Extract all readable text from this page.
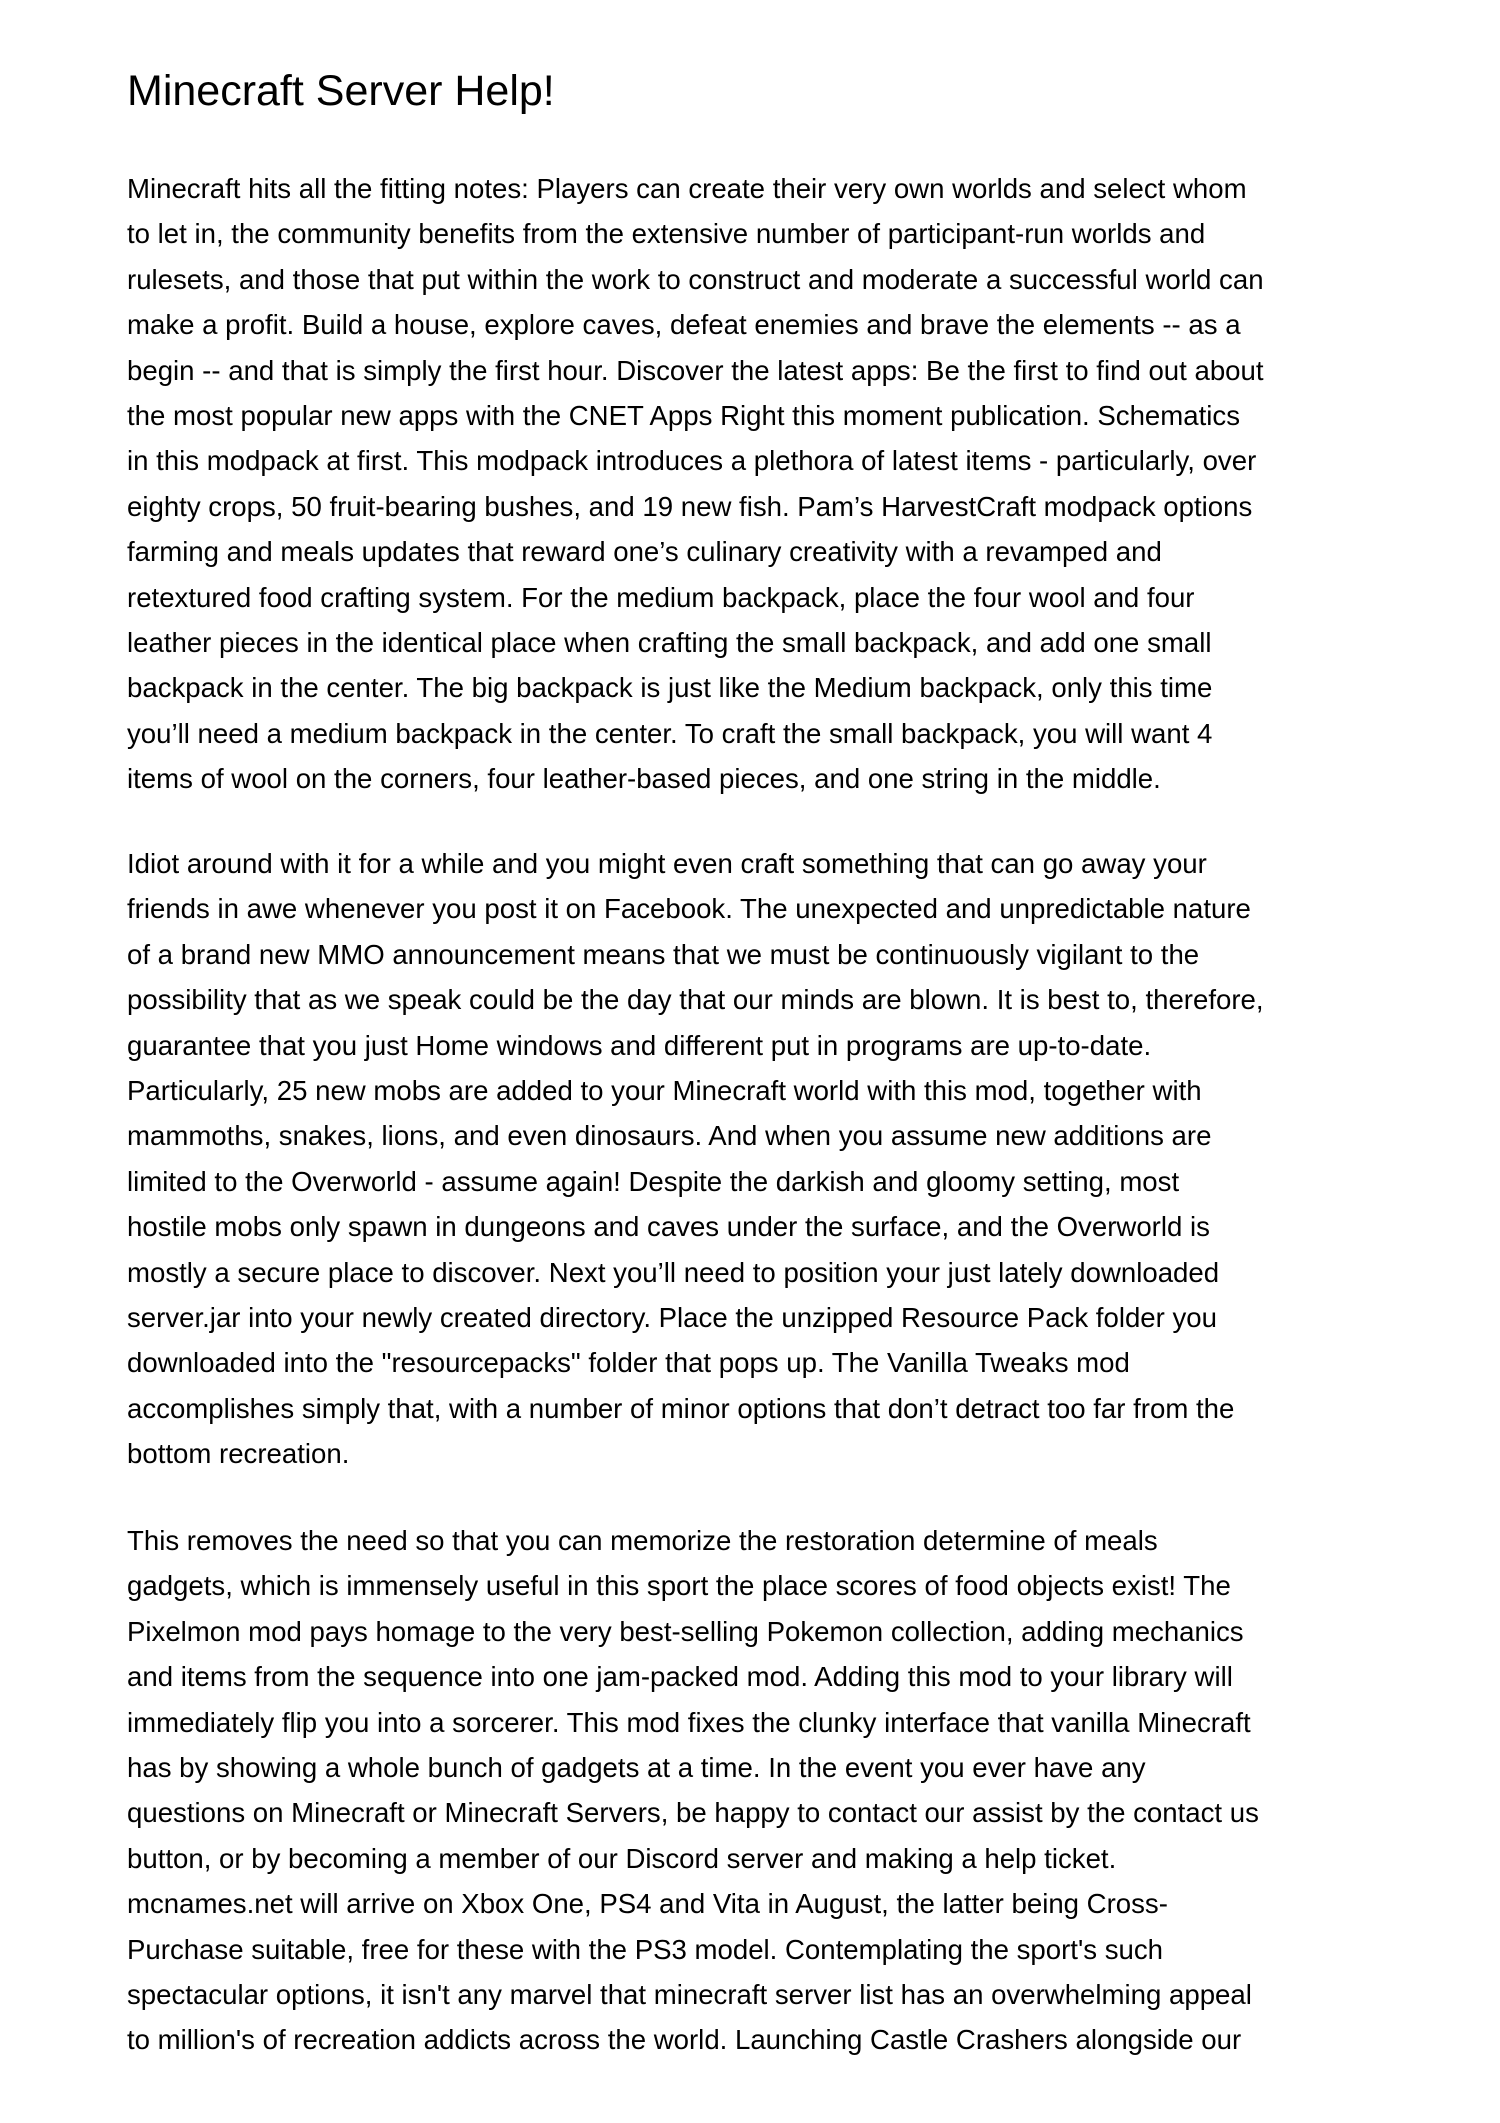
Minecraft Server Help!

Minecraft hits all the fitting notes: Players can create their very own worlds and select whom
to let in, the community benefits from the extensive number of participant-run worlds and
rulesets, and those that put within the work to construct and moderate a successful world can
make a profit. Build a house, explore caves, defeat enemies and brave the elements -- as a
begin -- and that is simply the first hour. Discover the latest apps: Be the first to find out about
the most popular new apps with the CNET Apps Right this moment publication. Schematics
in this modpack at first. This modpack introduces a plethora of latest items - particularly, over
eighty crops, 50 fruit-bearing bushes, and 19 new fish. Pam’s HarvestCraft modpack options
farming and meals updates that reward one’s culinary creativity with a revamped and
retextured food crafting system. For the medium backpack, place the four wool and four
leather pieces in the identical place when crafting the small backpack, and add one small
backpack in the center. The big backpack is just like the Medium backpack, only this time
you’ll need a medium backpack in the center. To craft the small backpack, you will want 4
items of wool on the corners, four leather-based pieces, and one string in the middle.

Idiot around with it for a while and you might even craft something that can go away your
friends in awe whenever you post it on Facebook. The unexpected and unpredictable nature
of a brand new MMO announcement means that we must be continuously vigilant to the
possibility that as we speak could be the day that our minds are blown. It is best to, therefore,
guarantee that you just Home windows and different put in programs are up-to-date.
Particularly, 25 new mobs are added to your Minecraft world with this mod, together with
mammoths, snakes, lions, and even dinosaurs. And when you assume new additions are
limited to the Overworld - assume again! Despite the darkish and gloomy setting, most
hostile mobs only spawn in dungeons and caves under the surface, and the Overworld is
mostly a secure place to discover. Next you’ll need to position your just lately downloaded
server.jar into your newly created directory. Place the unzipped Resource Pack folder you
downloaded into the "resourcepacks" folder that pops up. The Vanilla Tweaks mod
accomplishes simply that, with a number of minor options that don’t detract too far from the
bottom recreation.

This removes the need so that you can memorize the restoration determine of meals
gadgets, which is immensely useful in this sport the place scores of food objects exist! The
Pixelmon mod pays homage to the very best-selling Pokemon collection, adding mechanics
and items from the sequence into one jam-packed mod. Adding this mod to your library will
immediately flip you into a sorcerer. This mod fixes the clunky interface that vanilla Minecraft
has by showing a whole bunch of gadgets at a time. In the event you ever have any
questions on Minecraft or Minecraft Servers, be happy to contact our assist by the contact us
button, or by becoming a member of our Discord server and making a help ticket.
mcnames.net will arrive on Xbox One, PS4 and Vita in August, the latter being Cross-
Purchase suitable, free for these with the PS3 model. Contemplating the sport's such
spectacular options, it isn't any marvel that minecraft server list has an overwhelming appeal
to million's of recreation addicts across the world. Launching Castle Crashers alongside our
